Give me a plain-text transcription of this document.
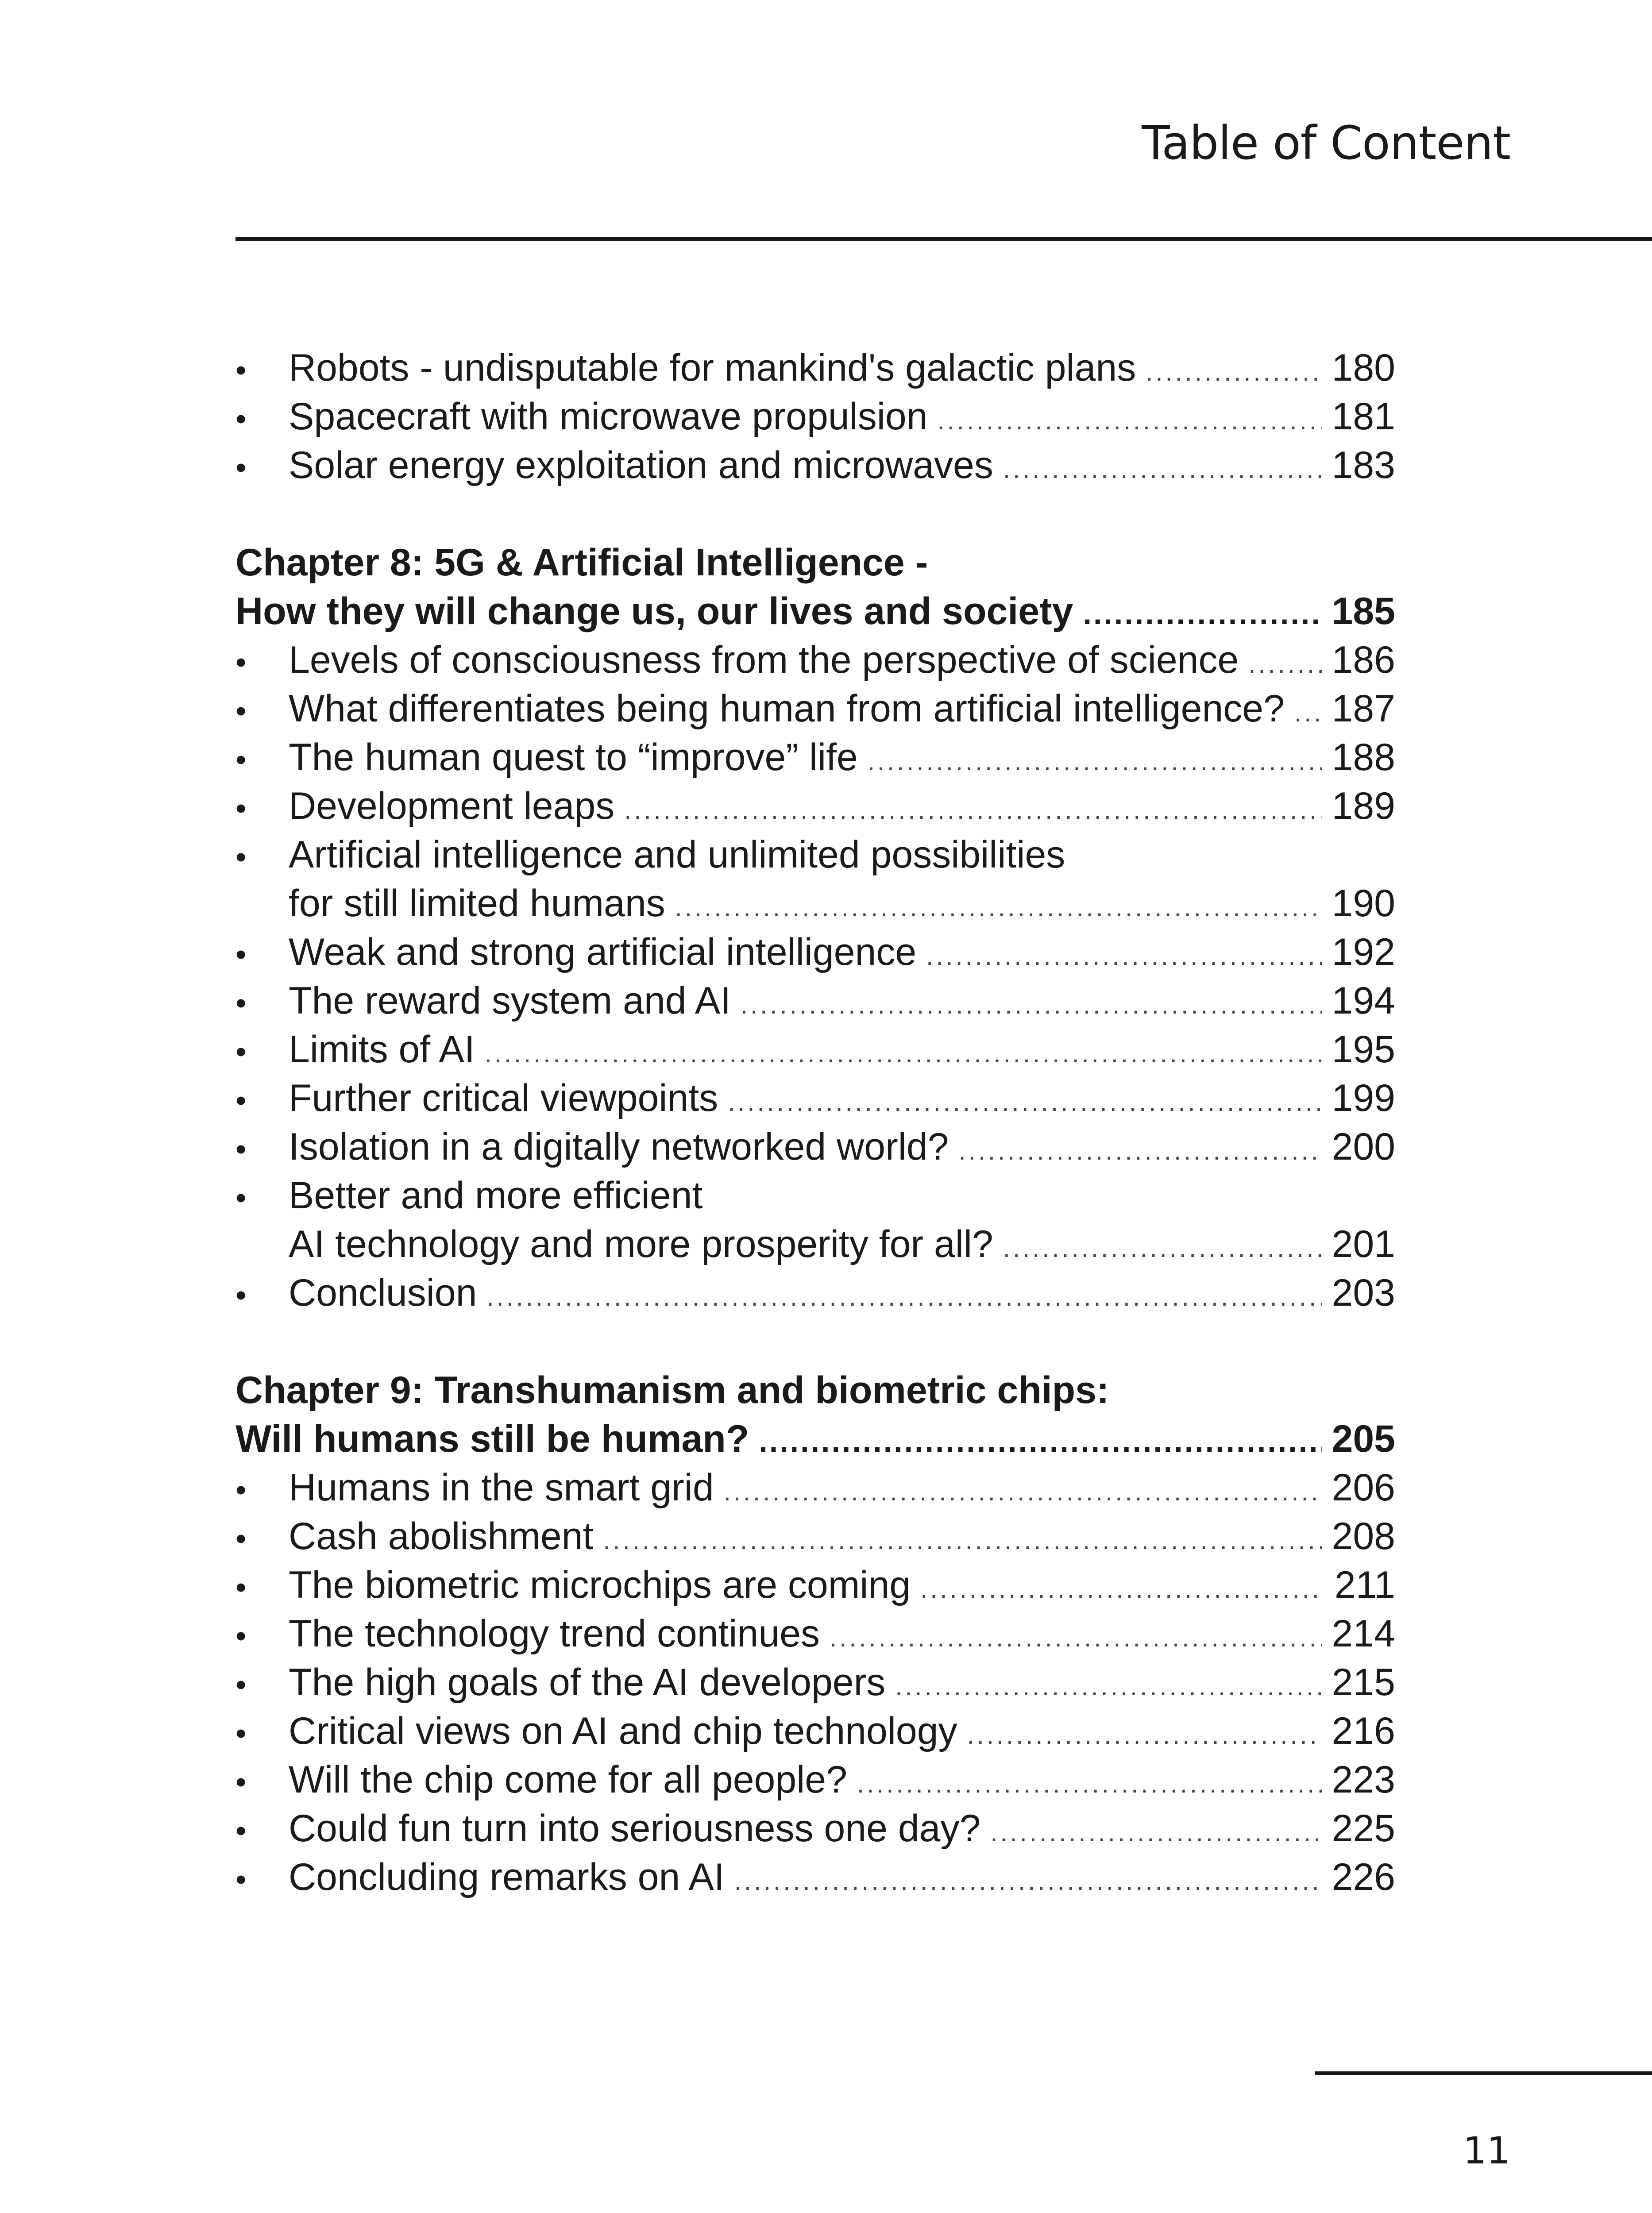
Table of Content
•	Robots - undisputable for mankind's galactic plans .....	180
•	Spacecraft with microwave propulsion .....	181
•	Solar energy exploitation and microwaves .....	183
Chapter 8: 5G & Artificial Intelligence -
How they will change us, our lives and society .....	185
•	Levels of consciousness from the perspective of science ..... 186
•	What differentiates being human from artificial intelligence? ..... 187
•	The human quest to “improve” life .....	188
•	Development leaps .....	189
•	Artificial intelligence and unlimited possibilities
for still limited humans .....	190
•	Weak and strong artificial intelligence .....	192
•	The reward system and AI .....	194
•	Limits of AI .....	195
•	Further critical viewpoints .....	199
•	Isolation in a digitally networked world? .....	200
•	Better and more efficient
AI technology and more prosperity for all? .....	201
•	Conclusion .....	203
Chapter 9: Transhumanism and biometric chips:
Will humans still be human? .....	205
•	Humans in the smart grid .....	206
•	Cash abolishment .....	208
•	The biometric microchips are coming .....	211
•	The technology trend continues .....	214
•	The high goals of the AI developers .....	215
•	Critical views on AI and chip technology .....	216
•	Will the chip come for all people? .....	223
•	Could fun turn into seriousness one day? .....	225
•	Concluding remarks on AI .....	226
11
